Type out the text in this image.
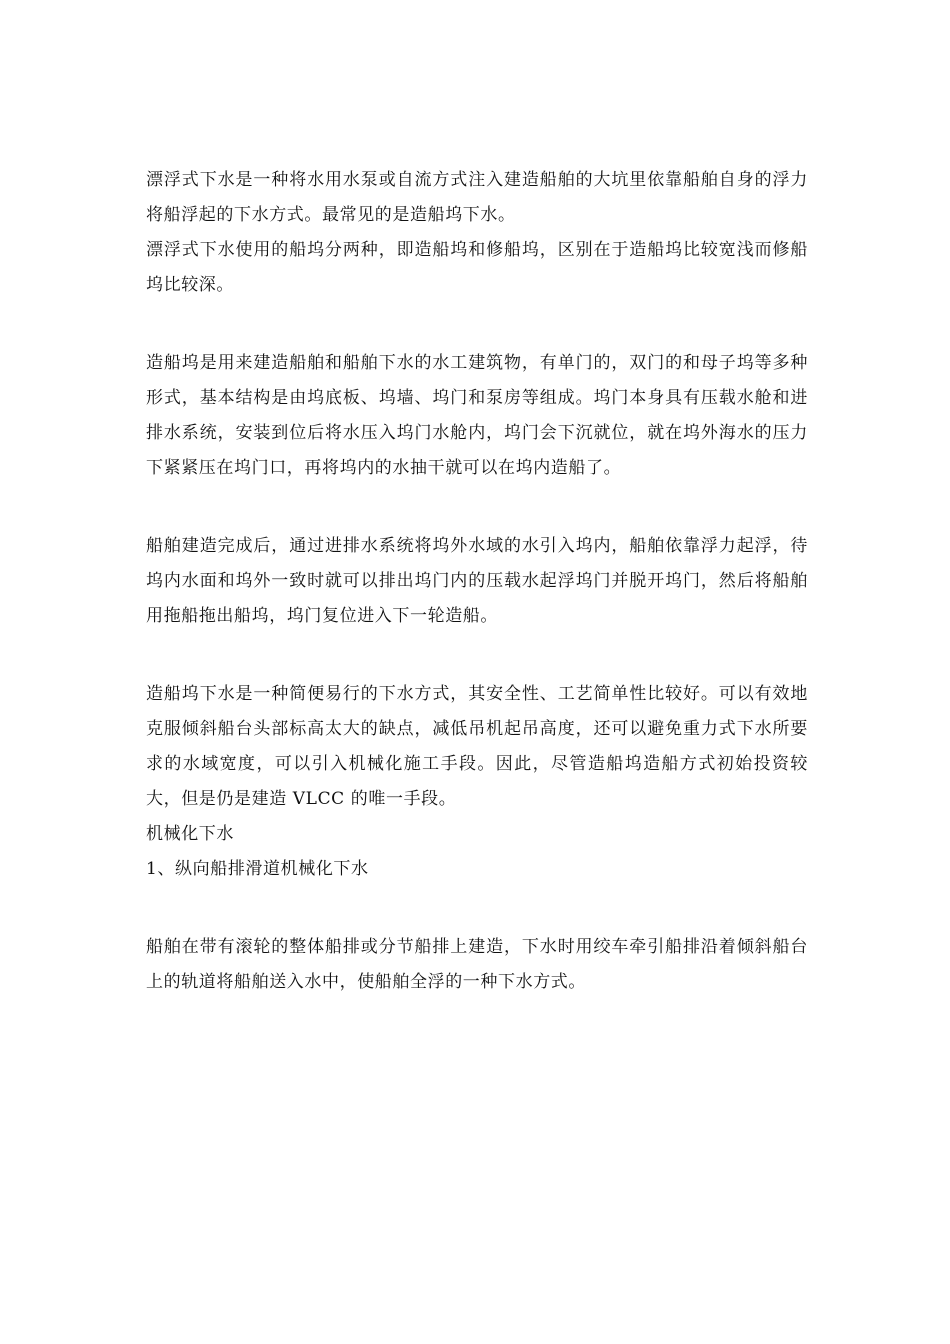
漂浮式下水是一种将水用水泵或自流方式注入建造船舶的大坑里依靠船舶自身的浮力将船浮起的下水方式。最常见的是造船坞下水。

漂浮式下水使用的船坞分两种，即造船坞和修船坞，区别在于造船坞比较宽浅而修船坞比较深。

造船坞是用来建造船舶和船舶下水的水工建筑物，有单门的，双门的和母子坞等多种形式，基本结构是由坞底板、坞墙、坞门和泵房等组成。坞门本身具有压载水舱和进排水系统，安装到位后将水压入坞门水舱内，坞门会下沉就位，就在坞外海水的压力下紧紧压在坞门口，再将坞内的水抽干就可以在坞内造船了。

船舶建造完成后，通过进排水系统将坞外水域的水引入坞内，船舶依靠浮力起浮，待坞内水面和坞外一致时就可以排出坞门内的压载水起浮坞门并脱开坞门，然后将船舶用拖船拖出船坞，坞门复位进入下一轮造船。

造船坞下水是一种简便易行的下水方式，其安全性、工艺简单性比较好。可以有效地克服倾斜船台头部标高太大的缺点，减低吊机起吊高度，还可以避免重力式下水所要求的水域宽度，可以引入机械化施工手段。因此，尽管造船坞造船方式初始投资较大，但是仍是建造 VLCC 的唯一手段。

机械化下水

1、纵向船排滑道机械化下水

船舶在带有滚轮的整体船排或分节船排上建造，下水时用绞车牵引船排沿着倾斜船台上的轨道将船舶送入水中，使船舶全浮的一种下水方式。
